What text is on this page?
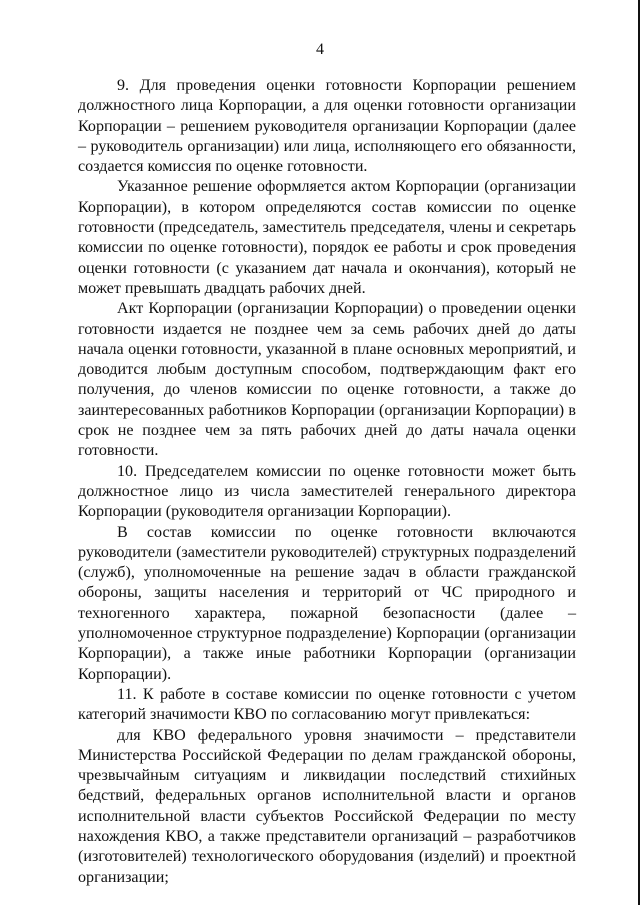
4

9. Для проведения оценки готовности Корпорации решением должностного лица Корпорации, а для оценки готовности организации Корпорации – решением руководителя организации Корпорации (далее – руководитель организации) или лица, исполняющего его обязанности, создается комиссия по оценке готовности.

Указанное решение оформляется актом Корпорации (организации Корпорации), в котором определяются состав комиссии по оценке готовности (председатель, заместитель председателя, члены и секретарь комиссии по оценке готовности), порядок ее работы и срок проведения оценки готовности (с указанием дат начала и окончания), который не может превышать двадцать рабочих дней.

Акт Корпорации (организации Корпорации) о проведении оценки готовности издается не позднее чем за семь рабочих дней до даты начала оценки готовности, указанной в плане основных мероприятий, и доводится любым доступным способом, подтверждающим факт его получения, до членов комиссии по оценке готовности, а также до заинтересованных работников Корпорации (организации Корпорации) в срок не позднее чем за пять рабочих дней до даты начала оценки готовности.

10. Председателем комиссии по оценке готовности может быть должностное лицо из числа заместителей генерального директора Корпорации (руководителя организации Корпорации).

В состав комиссии по оценке готовности включаются руководители (заместители руководителей) структурных подразделений (служб), уполномоченные на решение задач в области гражданской обороны, защиты населения и территорий от ЧС природного и техногенного характера, пожарной безопасности (далее – уполномоченное структурное подразделение) Корпорации (организации Корпорации), а также иные работники Корпорации (организации Корпорации).

11. К работе в составе комиссии по оценке готовности с учетом категорий значимости КВО по согласованию могут привлекаться:

для КВО федерального уровня значимости – представители Министерства Российской Федерации по делам гражданской обороны, чрезвычайным ситуациям и ликвидации последствий стихийных бедствий, федеральных органов исполнительной власти и органов исполнительной власти субъектов Российской Федерации по месту нахождения КВО, а также представители организаций – разработчиков (изготовителей) технологического оборудования (изделий) и проектной организации;
